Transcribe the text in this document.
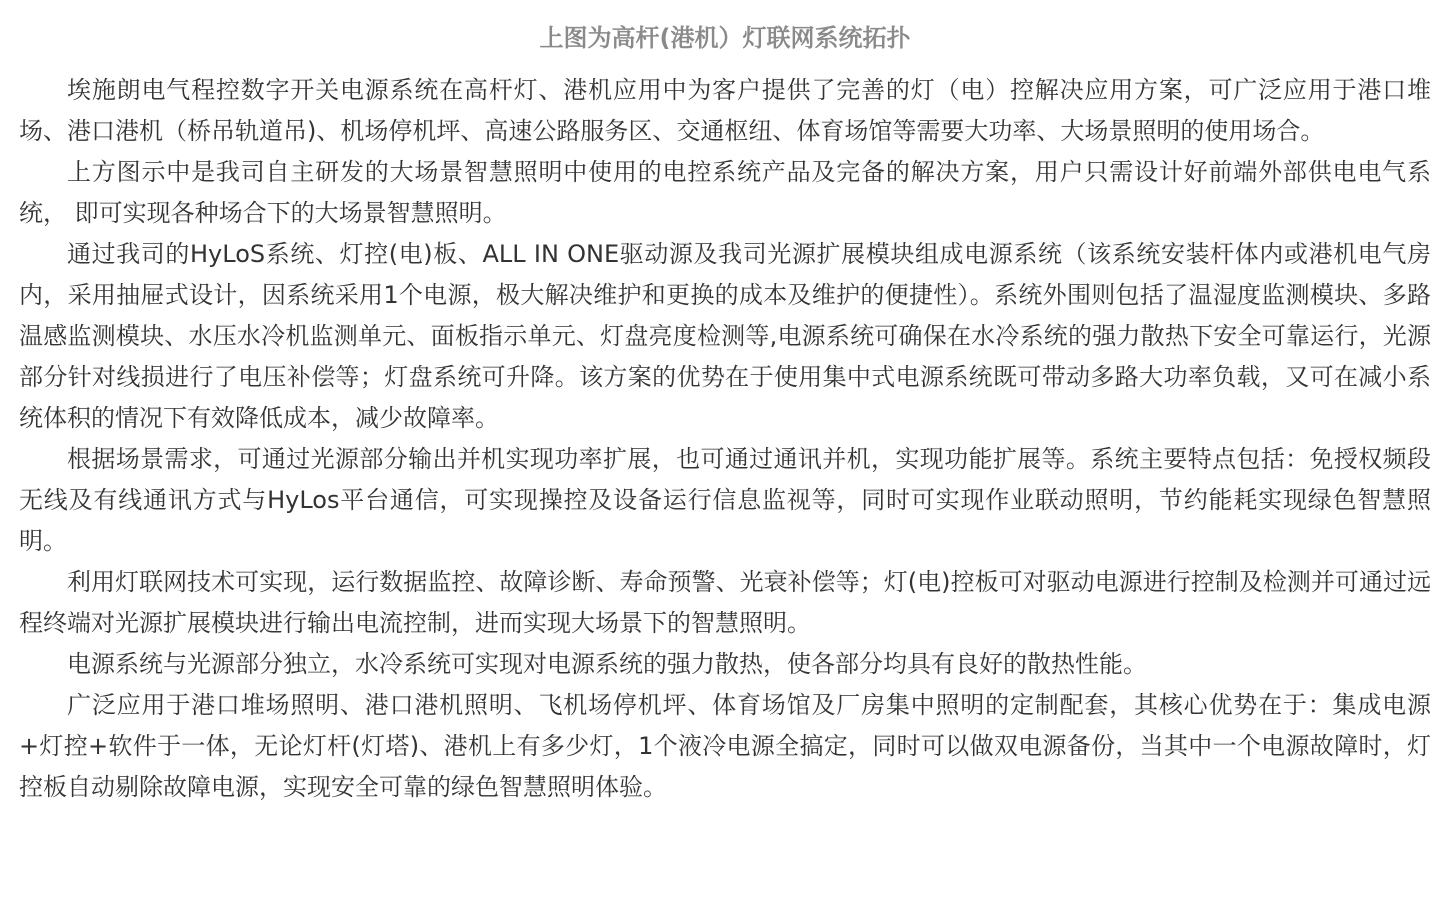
上图为高杆(港机）灯联网系统拓扑

埃施朗电气程控数字开关电源系统在高杆灯、港机应用中为客户提供了完善的灯（电）控解决应用方案，可广泛应用于港口堆场、港口港机（桥吊轨道吊)、机场停机坪、高速公路服务区、交通枢纽、体育场馆等需要大功率、大场景照明的使用场合。

上方图示中是我司自主研发的大场景智慧照明中使用的电控系统产品及完备的解决方案，用户只需设计好前端外部供电电气系统， 即可实现各种场合下的大场景智慧照明。

通过我司的HyLoS系统、灯控(电)板、ALL IN ONE驱动源及我司光源扩展模块组成电源系统（该系统安装杆体内或港机电气房内，采用抽屉式设计，因系统采用1个电源，极大解决维护和更换的成本及维护的便捷性）。系统外围则包括了温湿度监测模块、多路温感监测模块、水压水冷机监测单元、面板指示单元、灯盘亮度检测等,电源系统可确保在水冷系统的强力散热下安全可靠运行，光源部分针对线损进行了电压补偿等；灯盘系统可升降。该方案的优势在于使用集中式电源系统既可带动多路大功率负载，又可在减小系统体积的情况下有效降低成本，减少故障率。

根据场景需求，可通过光源部分输出并机实现功率扩展，也可通过通讯并机，实现功能扩展等。系统主要特点包括：免授权频段无线及有线通讯方式与HyLos平台通信，可实现操控及设备运行信息监视等，同时可实现作业联动照明，节约能耗实现绿色智慧照明。

利用灯联网技术可实现，运行数据监控、故障诊断、寿命预警、光衰补偿等；灯(电)控板可对驱动电源进行控制及检测并可通过远程终端对光源扩展模块进行输出电流控制，进而实现大场景下的智慧照明。

电源系统与光源部分独立，水冷系统可实现对电源系统的强力散热，使各部分均具有良好的散热性能。

广泛应用于港口堆场照明、港口港机照明、飞机场停机坪、体育场馆及厂房集中照明的定制配套，其核心优势在于：集成电源+灯控+软件于一体，无论灯杆(灯塔)、港机上有多少灯，1个液冷电源全搞定，同时可以做双电源备份，当其中一个电源故障时，灯控板自动剔除故障电源，实现安全可靠的绿色智慧照明体验。
